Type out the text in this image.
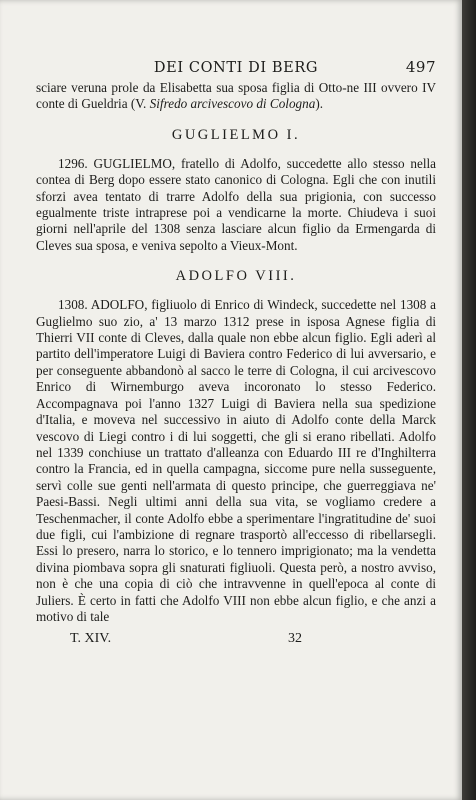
DEI CONTI DI BERG	497

sciare veruna prole da Elisabetta sua sposa figlia di Otto-ne III ovvero IV conte di Gueldria (V. Sifredo arcivescovo di Cologna).

GUGLIELMO I.

1296. GUGLIELMO, fratello di Adolfo, succedette allo stesso nella contea di Berg dopo essere stato canonico di Cologna. Egli che con inutili sforzi avea tentato di trarre Adolfo della sua prigionia, con successo egualmente triste intraprese poi a vendicarne la morte. Chiudeva i suoi giorni nell'aprile del 1308 senza lasciare alcun figlio da Ermengarda di Cleves sua sposa, e veniva sepolto a Vieux-Mont.

ADOLFO VIII.

1308. ADOLFO, figliuolo di Enrico di Windeck, succedette nel 1308 a Guglielmo suo zio, a' 13 marzo 1312 prese in isposa Agnese figlia di Thierri VII conte di Cleves, dalla quale non ebbe alcun figlio. Egli aderì al partito dell'imperatore Luigi di Baviera contro Federico di lui avversario, e per conseguente abbandonò al sacco le terre di Cologna, il cui arcivescovo Enrico di Wirnemburgo aveva incoronato lo stesso Federico. Accompagnava poi l'anno 1327 Luigi di Baviera nella sua spedizione d'Italia, e moveva nel successivo in aiuto di Adolfo conte della Marck vescovo di Liegi contro i di lui soggetti, che gli si erano ribellati. Adolfo nel 1339 conchiuse un trattato d'alleanza con Eduardo III re d'Inghilterra contro la Francia, ed in quella campagna, siccome pure nella susseguente, servì colle sue genti nell'armata di questo principe, che guerreggiava ne' Paesi-Bassi. Negli ultimi anni della sua vita, se vogliamo credere a Teschenmacher, il conte Adolfo ebbe a sperimentare l'ingratitudine de' suoi due figli, cui l'ambizione di regnare trasportò all'eccesso di ribellarsegli. Essi lo presero, narra lo storico, e lo tennero imprigionato; ma la vendetta divina piombava sopra gli snaturati figliuoli. Questa però, a nostro avviso, non è che una copia di ciò che intravvenne in quell'epoca al conte di Juliers. È certo in fatti che Adolfo VIII non ebbe alcun figlio, e che anzi a motivo di tale

T. XIV.	32
